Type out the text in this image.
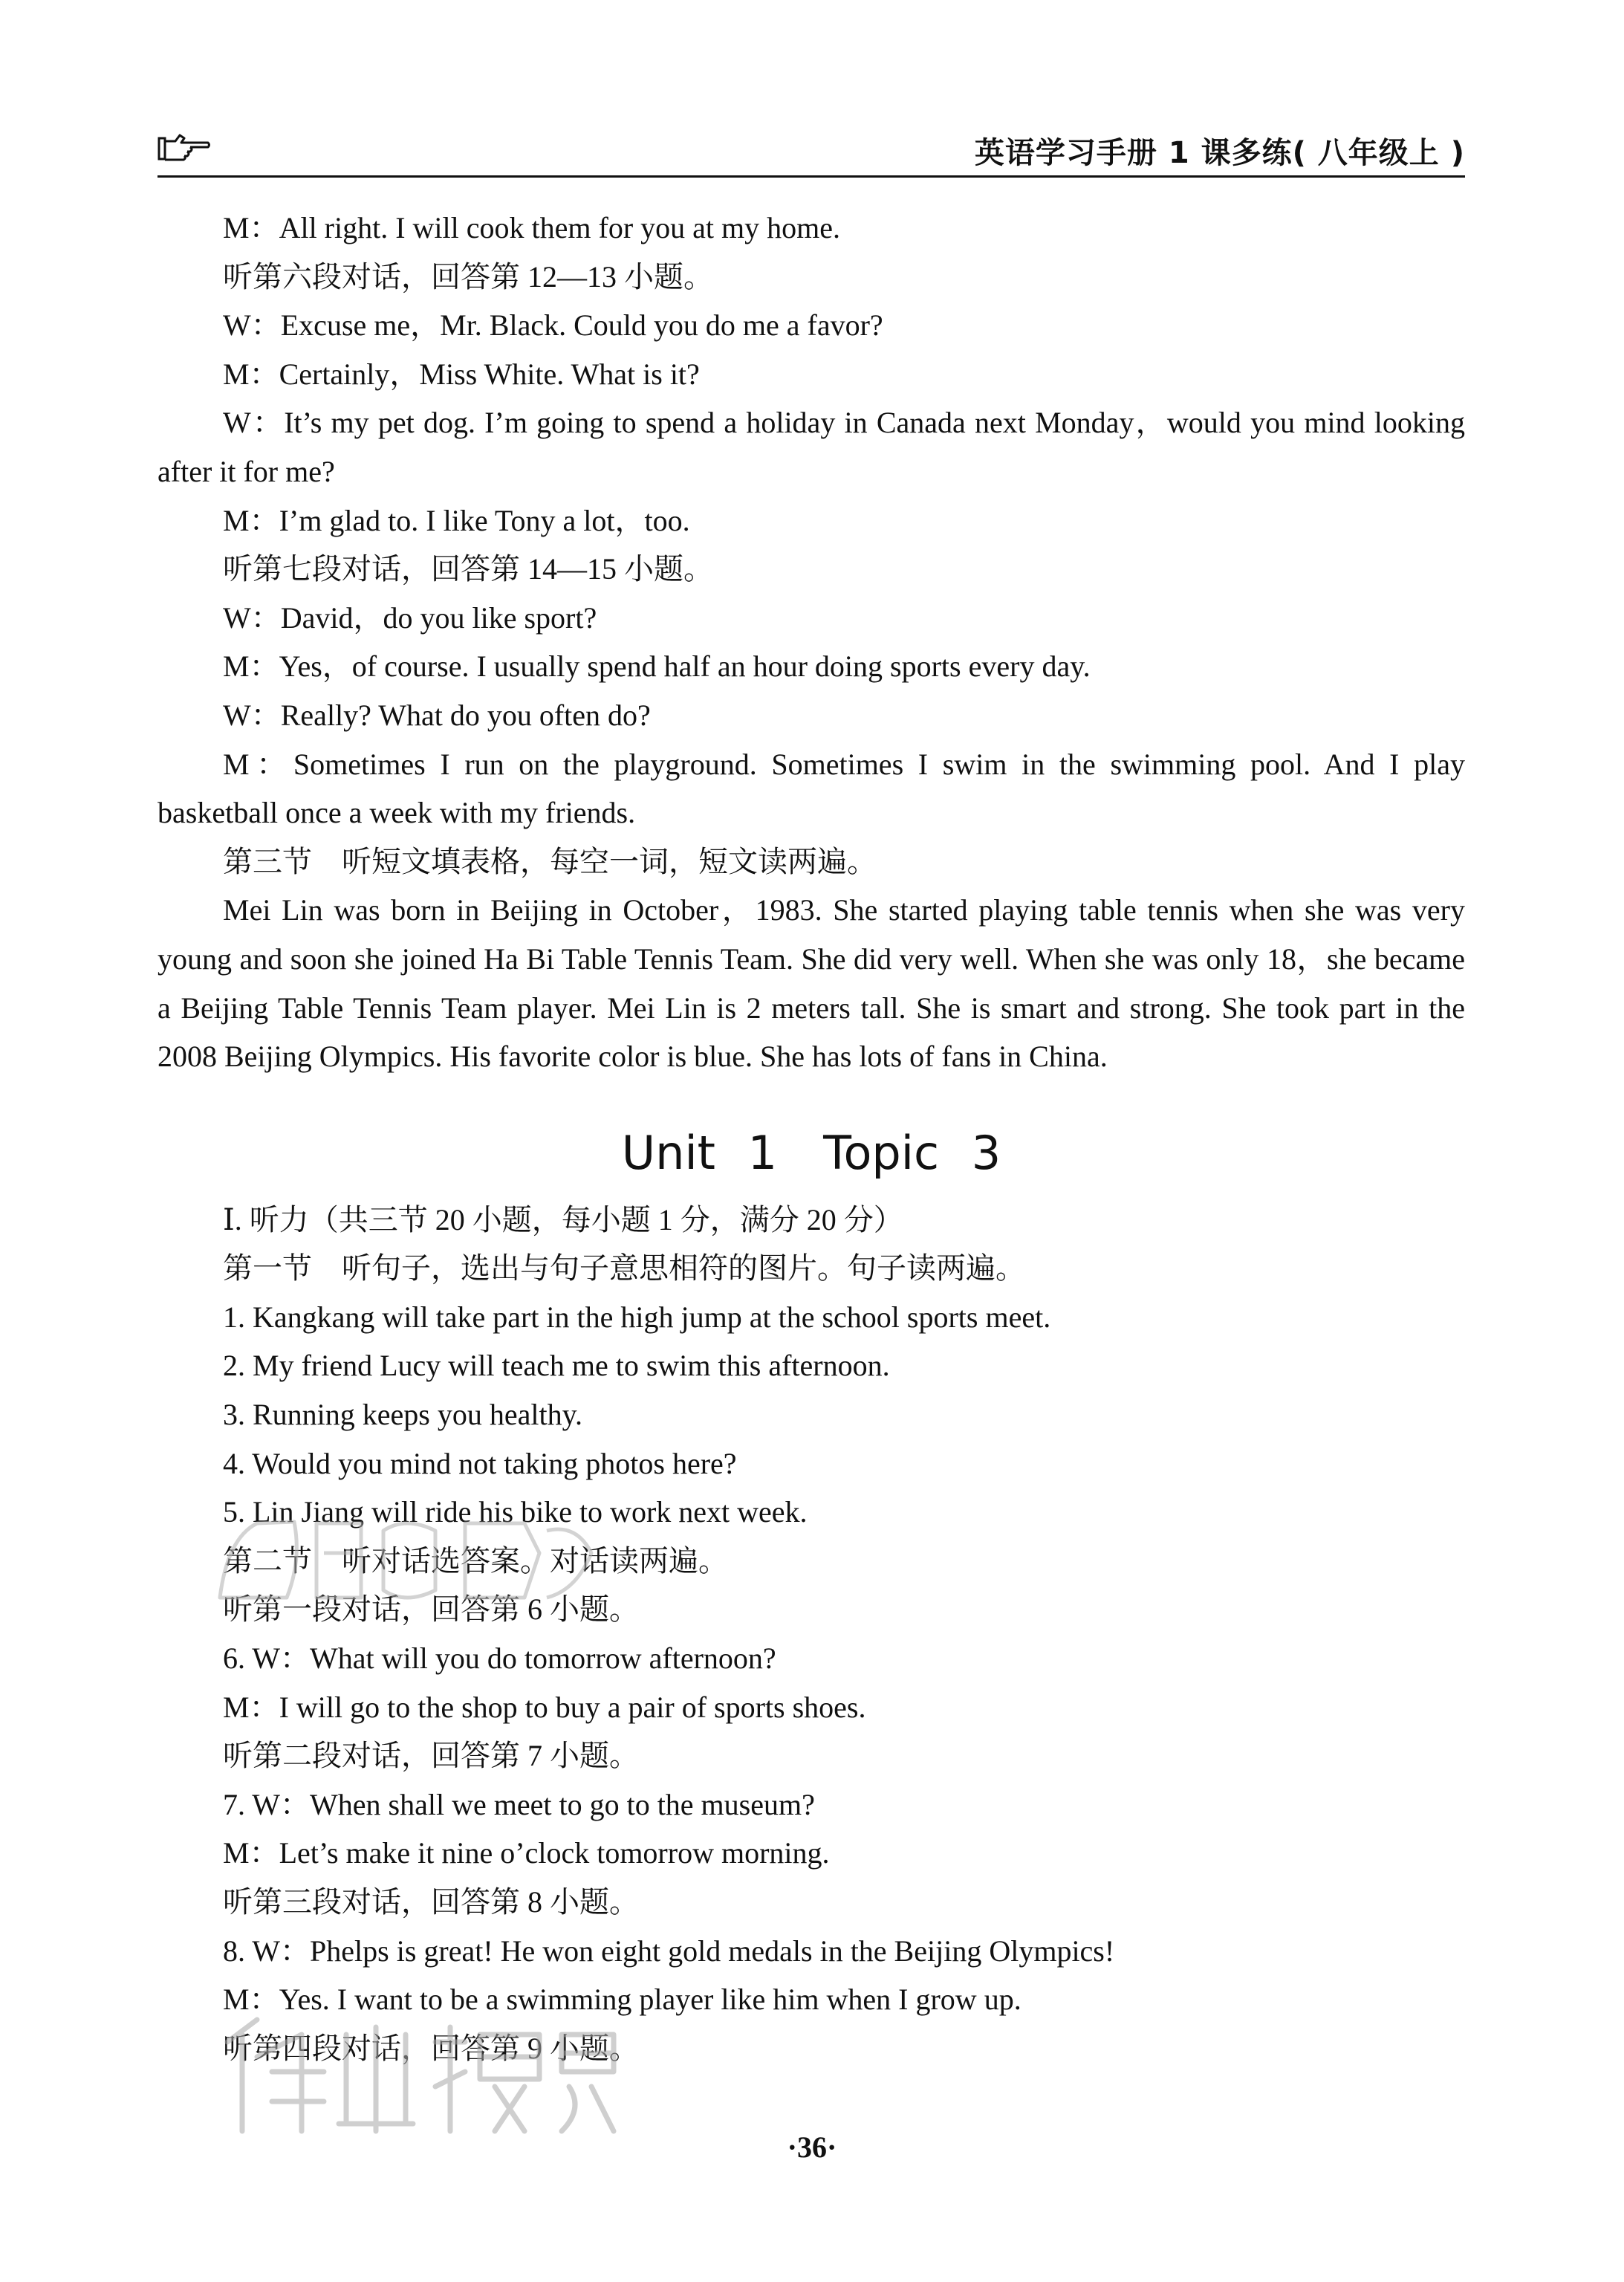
英语学习手册 1 课多练( 八年级上 )

M：All right. I will cook them for you at my home.

听第六段对话，回答第 12—13 小题。

W：Excuse me，Mr. Black. Could you do me a favor?

M：Certainly，Miss White. What is it?

W：It’s my pet dog. I’m going to spend a holiday in Canada next Monday，would you mind looking after it for me?

M：I’m glad to. I like Tony a lot，too.

听第七段对话，回答第 14—15 小题。

W：David，do you like sport?

M：Yes，of course. I usually spend half an hour doing sports every day.

W：Really? What do you often do?

M：Sometimes I run on the playground. Sometimes I swim in the swimming pool. And I play basketball once a week with my friends.

第三节　听短文填表格，每空一词，短文读两遍。

Mei Lin was born in Beijing in October，1983. She started playing table tennis when she was very young and soon she joined Ha Bi Table Tennis Team. She did very well. When she was only 18，she became a Beijing Table Tennis Team player. Mei Lin is 2 meters tall. She is smart and strong. She took part in the 2008 Beijing Olympics. His favorite color is blue. She has lots of fans in China.

Unit 1　Topic 3

Ⅰ. 听力（共三节 20 小题，每小题 1 分，满分 20 分）

第一节　听句子，选出与句子意思相符的图片。句子读两遍。

1. Kangkang will take part in the high jump at the school sports meet.

2. My friend Lucy will teach me to swim this afternoon.

3. Running keeps you healthy.

4. Would you mind not taking photos here?

5. Lin Jiang will ride his bike to work next week.

第二节　听对话选答案。对话读两遍。

听第一段对话，回答第 6 小题。

6. W：What will you do tomorrow afternoon?

M：I will go to the shop to buy a pair of sports shoes.

听第二段对话，回答第 7 小题。

7. W：When shall we meet to go to the museum?

M：Let’s make it nine o’clock tomorrow morning.

听第三段对话，回答第 8 小题。

8. W：Phelps is great! He won eight gold medals in the Beijing Olympics!

M：Yes. I want to be a swimming player like him when I grow up.

听第四段对话，回答第 9 小题。

·36·
